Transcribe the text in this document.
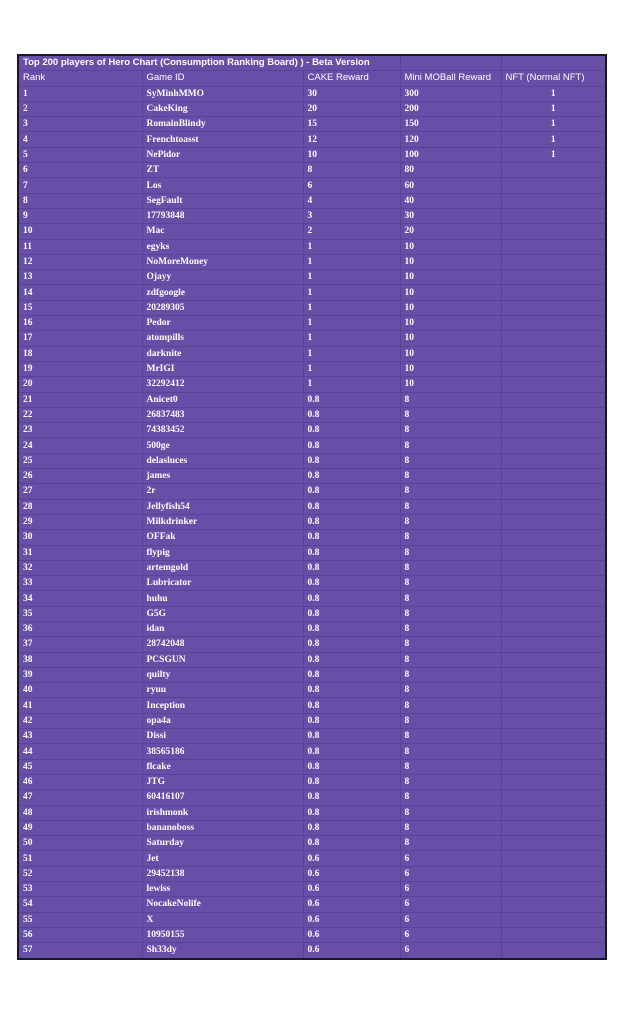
Top 200 players of Hero Chart (Consumption Ranking Board) ) - Beta Version				
Rank	Game ID	CAKE Reward	Mini MOBall Reward	NFT (Normal NFT)
1	SyMinhMMO	30	300	1
2	CakeKing	20	200	1
3	RomainBlindy	15	150	1
4	Frenchtoasst	12	120	1
5	NePidor	10	100	1
6	ZT	8	80	
7	Los	6	60	
8	SegFault	4	40	
9	17793848	3	30	
10	Mac	2	20	
11	egyks	1	10	
12	NoMoreMoney	1	10	
13	Ojayy	1	10	
14	zdfgoogle	1	10	
15	20289305	1	10	
16	Pedor	1	10	
17	atompills	1	10	
18	darknite	1	10	
19	MrIGI	1	10	
20	32292412	1	10	
21	Anicet0	0.8	8	
22	26837483	0.8	8	
23	74383452	0.8	8	
24	500ge	0.8	8	
25	delasluces	0.8	8	
26	james	0.8	8	
27	2r	0.8	8	
28	Jellyfish54	0.8	8	
29	Milkdrinker	0.8	8	
30	OFFak	0.8	8	
31	flypig	0.8	8	
32	artemgold	0.8	8	
33	Lubricator	0.8	8	
34	huhu	0.8	8	
35	G5G	0.8	8	
36	idan	0.8	8	
37	28742048	0.8	8	
38	PCSGUN	0.8	8	
39	quilty	0.8	8	
40	ryuu	0.8	8	
41	Inception	0.8	8	
42	opa4a	0.8	8	
43	Dissi	0.8	8	
44	38565186	0.8	8	
45	flcake	0.8	8	
46	JTG	0.8	8	
47	60416107	0.8	8	
48	irishmonk	0.8	8	
49	bananoboss	0.8	8	
50	Saturday	0.8	8	
51	Jet	0.6	6	
52	29452138	0.6	6	
53	lewiss	0.6	6	
54	NocakeNolife	0.6	6	
55	X	0.6	6	
56	10950155	0.6	6	
57	Sh33dy	0.6	6	
